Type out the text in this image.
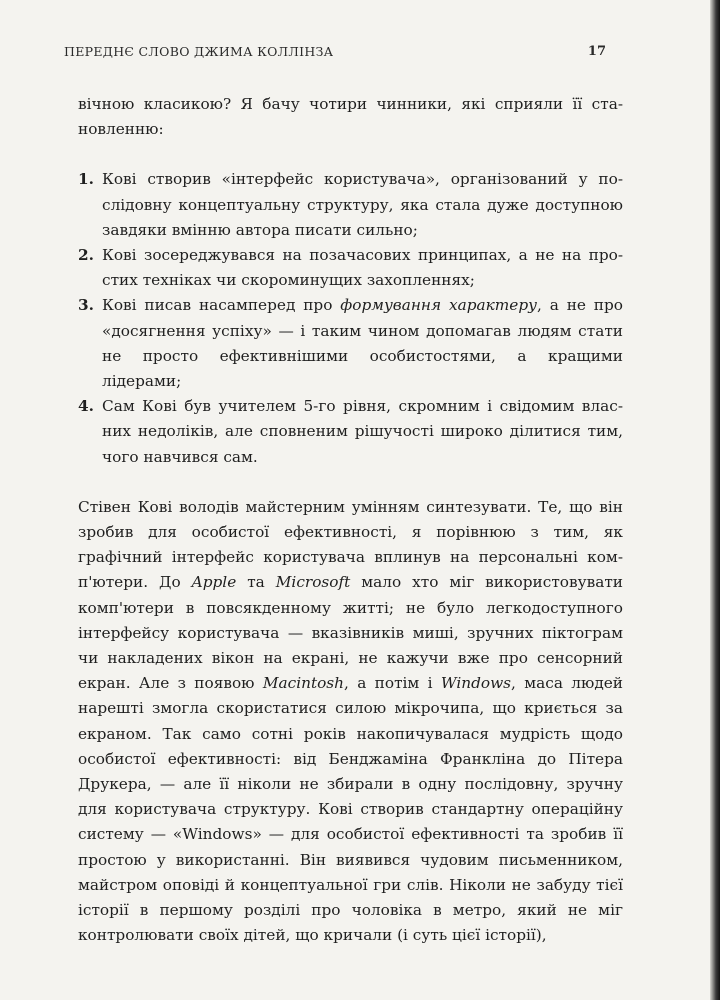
ПЕРЕДНЄ СЛОВО ДЖИМА КОЛЛІНЗА	17

вічною класикою? Я бачу чотири чинники, які сприяли її становленню:

1. Кові створив «інтерфейс користувача», організований у послідовну концептуальну структуру, яка стала дуже доступною завдяки вмінню автора писати сильно;
2. Кові зосереджувався на позачасових принципах, а не на простих техніках чи скороминущих захопленнях;
3. Кові писав насамперед про формування характеру, а не про «досягнення успіху» — і таким чином допомагав людям стати не просто ефективнішими особистостями, а кращими лідерами;
4. Сам Кові був учителем 5-го рівня, скромним і свідомим власних недоліків, але сповненим рішучості широко ділитися тим, чого навчився сам.

Стівен Кові володів майстерним умінням синтезувати. Те, що він зробив для особистої ефективності, я порівнюю з тим, як графічний інтерфейс користувача вплинув на персональні комп'ютери. До Apple та Microsoft мало хто міг використовувати комп'ютери в повсякденному житті; не було легкодоступного інтерфейсу користувача — вказівників миші, зручних піктограм чи накладених вікон на екрані, не кажучи вже про сенсорний екран. Але з появою Macintosh, а потім і Windows, маса людей нарешті змогла скористатися силою мікрочипа, що криється за екраном. Так само сотні років накопичувалася мудрість щодо особистої ефективності: від Бенджаміна Франкліна до Пітера Друкера, — але її ніколи не збирали в одну послідовну, зручну для користувача структуру. Кові створив стандартну операційну систему — «Windows» — для особистої ефективності та зробив її простою у використанні. Він виявився чудовим письменником, майстром оповіді й концептуальної гри слів. Ніколи не забуду тієї історії в першому розділі про чоловіка в метро, який не міг контролювати своїх дітей, що кричали (і суть цієї історії),
